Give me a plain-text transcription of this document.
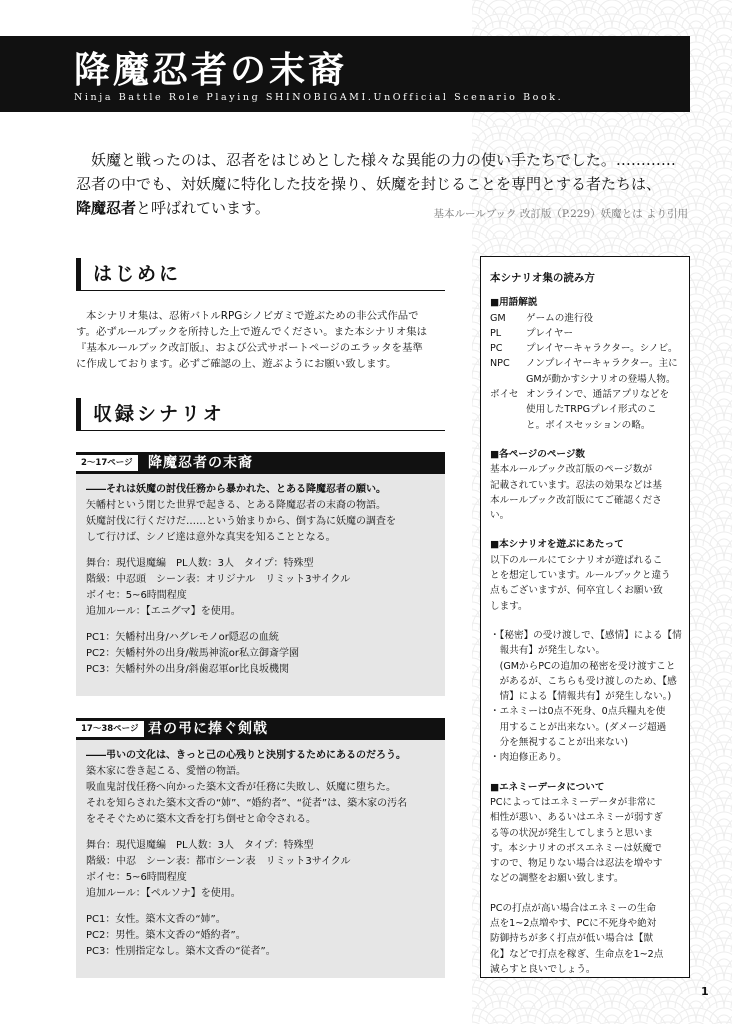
降魔忍者の末裔
Ninja Battle Role Playing SHINOBIGAMI.UnOfficial Scenario Book.

妖魔と戦ったのは、忍者をはじめとした様々な異能の力の使い手たちでした。…………

忍者の中でも、対妖魔に特化した技を操り、妖魔を封じることを専門とする者たちは、

降魔忍者と呼ばれています。	基本ルールブック 改訂版（P.229）妖魔とは より引用
はじめに

本シナリオ集は、忍術バトルRPGシノビガミで遊ぶための非公式作品で

す。必ずルールブックを所持した上で遊んでください。また本シナリオ集は

『基本ルールブック改訂版』、および公式サポートページのエラッタを基準

に作成しております。必ずご確認の上、遊ぶようにお願い致します。

収録シナリオ
2～17ページ	降魔忍者の末裔
――それは妖魔の討伐任務から暴かれた、とある降魔忍者の願い。
矢幡村という閉じた世界で起きる、とある降魔忍者の末裔の物語。
妖魔討伐に行くだけだ……という始まりから、倒す為に妖魔の調査を
して行けば、シノビ達は意外な真実を知ることとなる。
舞台：現代退魔編　PL人数：3人　タイプ：特殊型
階級：中忍頭　シーン表：オリジナル　リミット3サイクル
ボイセ：5~6時間程度
追加ルール：【エニグマ】を使用。
PC1：矢幡村出身/ハグレモノor隠忍の血統
PC2：矢幡村外の出身/鞍馬神流or私立御斎学園
PC3：矢幡村外の出身/斜歯忍軍or比良坂機関
17～38ページ 君の弔に捧ぐ剣戟
――弔いの文化は、きっと己の心残りと決別するためにあるのだろう。
築木家に巻き起こる、愛憎の物語。
吸血鬼討伐任務へ向かった築木文香が任務に失敗し、妖魔に堕ちた。
それを知らされた築木文香の“姉”、“婚約者”、“従者”は、築木家の汚名
をそそぐために築木文香を打ち倒せと命令される。
舞台：現代退魔編　PL人数：3人　タイプ：特殊型
階級：中忍　シーン表：都市シーン表　リミット3サイクル
ボイセ：5~6時間程度
追加ルール：【ペルソナ】を使用。
PC1：女性。築木文香の“姉”。
PC2：男性。築木文香の“婚約者”。
PC3：性別指定なし。築木文香の“従者”。
本シナリオ集の読み方
■用語解説
GM	ゲームの進行役
PL	プレイヤー
PC	プレイヤーキャラクター。シノビ。
NPC	ノンプレイヤーキャラクター。主に
GMが動かすシナリオの登場人物。
ボイセ オンラインで、通話アプリなどを
使用したTRPGプレイ形式のこ
と。ボイスセッションの略。
■各ページのページ数
基本ルールブック改訂版のページ数が
記載されています。忍法の効果などは基
本ルールブック改訂版にてご確認くださ
い。
■本シナリオを遊ぶにあたって
以下のルールにてシナリオが遊ばれるこ
とを想定しています。ルールブックと違う
点もございますが、何卒宜しくお願い致
します。
・【秘密】の受け渡しで、【感情】による【情
　報共有】が発生しない。
　(GMからPCの追加の秘密を受け渡すこと
　があるが、こちらも受け渡しのため、【感
　情】による【情報共有】が発生しない。)
・エネミーは0点不死身、0点兵糧丸を使
　用することが出来ない。(ダメージ超過
　分を無視することが出来ない)
・肉迫修正あり。
■エネミーデータについて
PCによってはエネミーデータが非常に
相性が悪い、あるいはエネミーが弱すぎ
る等の状況が発生してしまうと思いま
す。本シナリオのボスエネミーは妖魔で
すので、物足りない場合は忍法を増やす
などの調整をお願い致します。
PCの打点が高い場合はエネミーの生命
点を1~2点増やす、PCに不死身や絶対
防御持ちが多く打点が低い場合は【獣
化】などで打点を稼ぎ、生命点を1~2点
減らすと良いでしょう。
1
